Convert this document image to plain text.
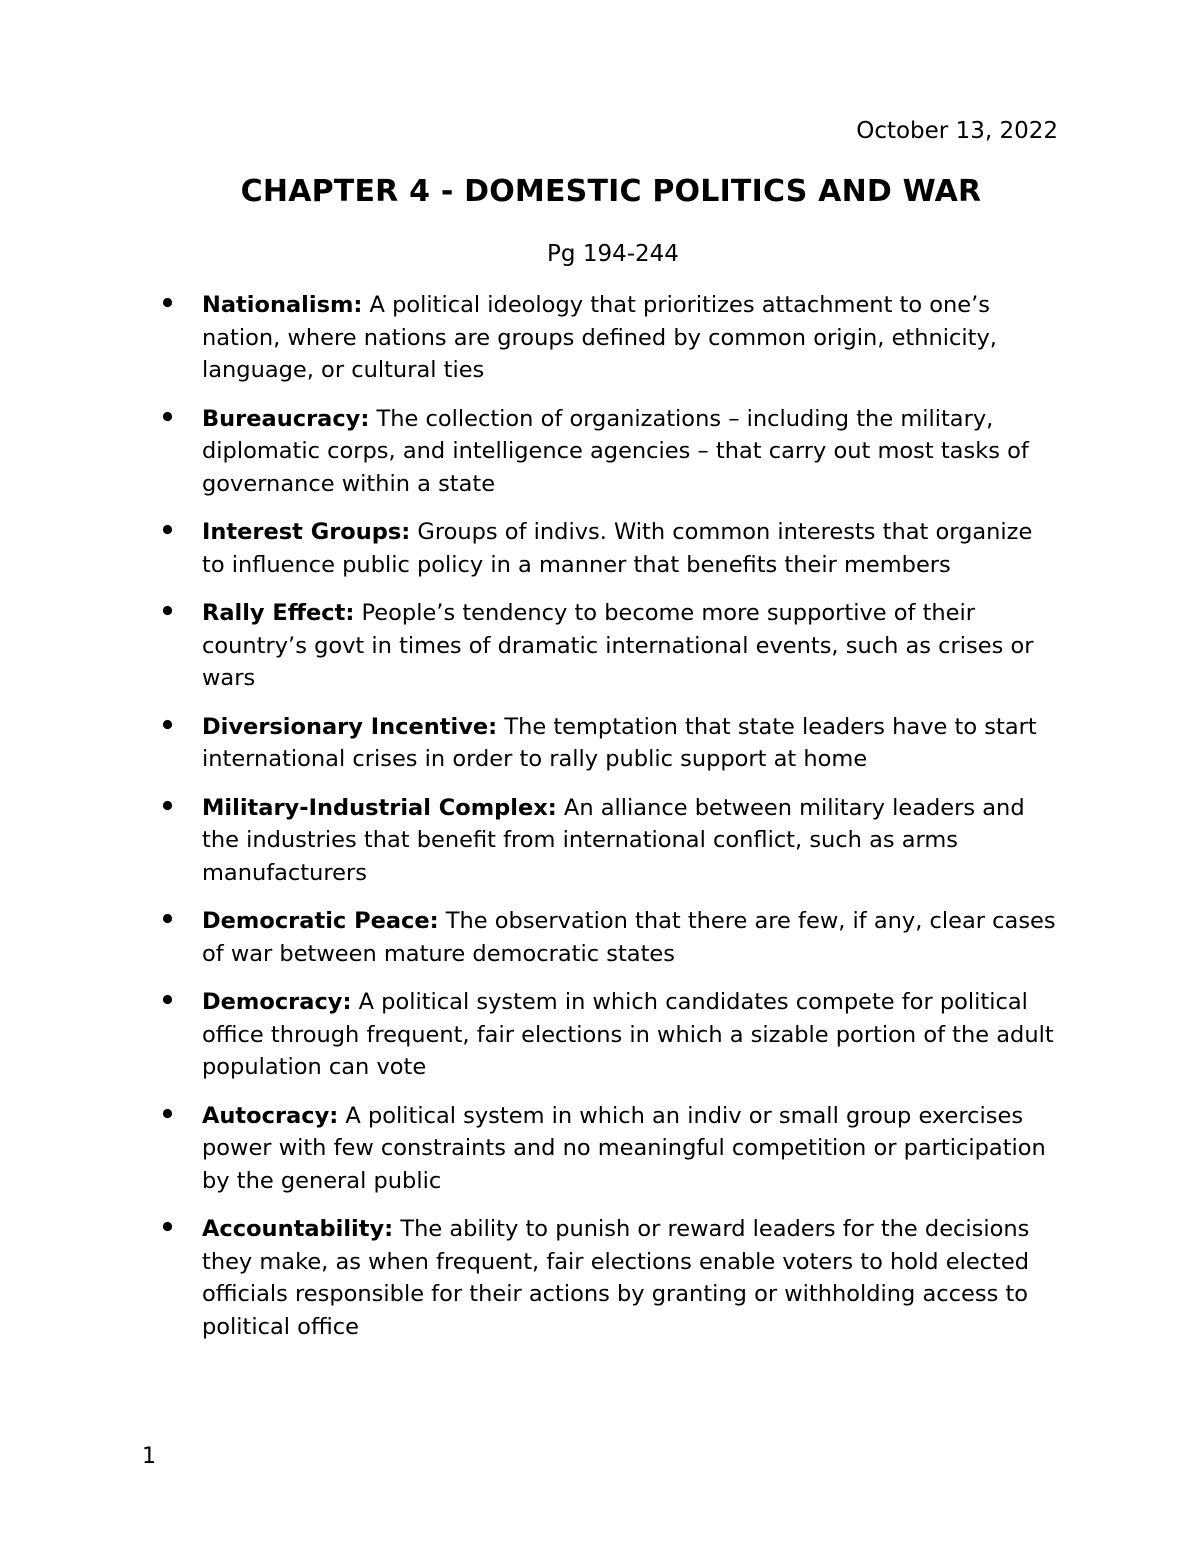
October 13, 2022
CHAPTER 4 - DOMESTIC POLITICS AND WAR
Pg 194-244
Nationalism: A political ideology that prioritizes attachment to one’s nation, where nations are groups defined by common origin, ethnicity, language, or cultural ties
Bureaucracy: The collection of organizations – including the military, diplomatic corps, and intelligence agencies – that carry out most tasks of governance within a state
Interest Groups: Groups of indivs. With common interests that organize to influence public policy in a manner that benefits their members
Rally Effect: People’s tendency to become more supportive of their country’s govt in times of dramatic international events, such as crises or wars
Diversionary Incentive: The temptation that state leaders have to start international crises in order to rally public support at home
Military-Industrial Complex: An alliance between military leaders and the industries that benefit from international conflict, such as arms manufacturers
Democratic Peace: The observation that there are few, if any, clear cases of war between mature democratic states
Democracy: A political system in which candidates compete for political office through frequent, fair elections in which a sizable portion of the adult population can vote
Autocracy: A political system in which an indiv or small group exercises power with few constraints and no meaningful competition or participation by the general public
Accountability: The ability to punish or reward leaders for the decisions they make, as when frequent, fair elections enable voters to hold elected officials responsible for their actions by granting or withholding access to political office
1
